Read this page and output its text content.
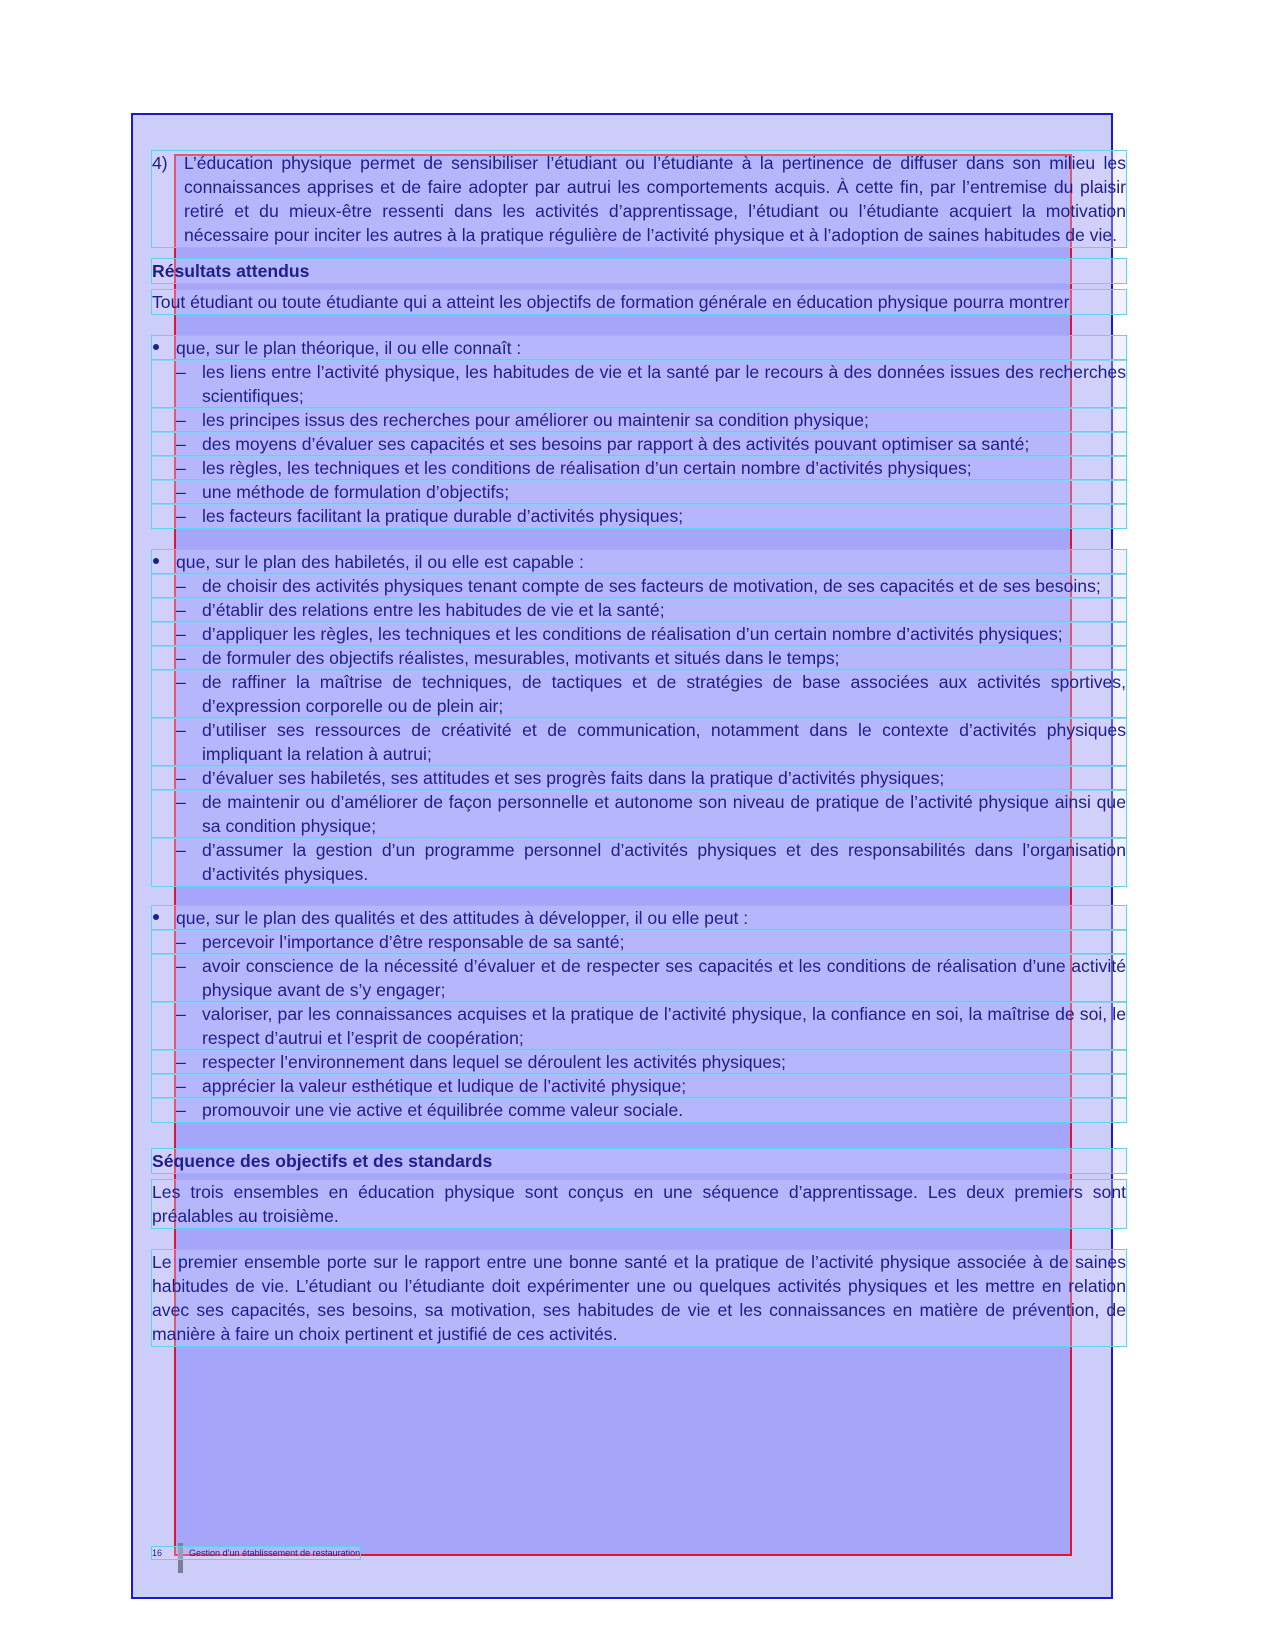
4) L’éducation physique permet de sensibiliser l’étudiant ou l’étudiante à la pertinence de diffuser dans son milieu les connaissances apprises et de faire adopter par autrui les comportements acquis. À cette fin, par l’entremise du plaisir retiré et du mieux-être ressenti dans les activités d’apprentissage, l’étudiant ou l’étudiante acquiert la motivation nécessaire pour inciter les autres à la pratique régulière de l’activité physique et à l’adoption de saines habitudes de vie.

Résultats attendus

Tout étudiant ou toute étudiante qui a atteint les objectifs de formation générale en éducation physique pourra montrer

que, sur le plan théorique, il ou elle connaît :

– les liens entre l’activité physique, les habitudes de vie et la santé par le recours à des données issues des recherches scientifiques;
– les principes issus des recherches pour améliorer ou maintenir sa condition physique;
– des moyens d’évaluer ses capacités et ses besoins par rapport à des activités pouvant optimiser sa santé;
– les règles, les techniques et les conditions de réalisation d’un certain nombre d’activités physiques;
– une méthode de formulation d’objectifs;
– les facteurs facilitant la pratique durable d’activités physiques;

que, sur le plan des habiletés, il ou elle est capable :

– de choisir des activités physiques tenant compte de ses facteurs de motivation, de ses capacités et de ses besoins;
– d’établir des relations entre les habitudes de vie et la santé;
– d’appliquer les règles, les techniques et les conditions de réalisation d’un certain nombre d’activités physiques;
– de formuler des objectifs réalistes, mesurables, motivants et situés dans le temps;
– de raffiner la maîtrise de techniques, de tactiques et de stratégies de base associées aux activités sportives, d’expression corporelle ou de plein air;
– d’utiliser ses ressources de créativité et de communication, notamment dans le contexte d’activités physiques impliquant la relation à autrui;
– d’évaluer ses habiletés, ses attitudes et ses progrès faits dans la pratique d’activités physiques;
– de maintenir ou d’améliorer de façon personnelle et autonome son niveau de pratique de l’activité physique ainsi que sa condition physique;
– d’assumer la gestion d’un programme personnel d’activités physiques et des responsabilités dans l’organisation d’activités physiques.

que, sur le plan des qualités et des attitudes à développer, il ou elle peut :

– percevoir l’importance d’être responsable de sa santé;
– avoir conscience de la nécessité d’évaluer et de respecter ses capacités et les conditions de réalisation d’une activité physique avant de s’y engager;
– valoriser, par les connaissances acquises et la pratique de l’activité physique, la confiance en soi, la maîtrise de soi, le respect d’autrui et l’esprit de coopération;
– respecter l’environnement dans lequel se déroulent les activités physiques;
– apprécier la valeur esthétique et ludique de l’activité physique;
– promouvoir une vie active et équilibrée comme valeur sociale.

Séquence des objectifs et des standards

Les trois ensembles en éducation physique sont conçus en une séquence d’apprentissage. Les deux premiers sont préalables au troisième.

Le premier ensemble porte sur le rapport entre une bonne santé et la pratique de l’activité physique associée à de saines habitudes de vie. L’étudiant ou l’étudiante doit expérimenter une ou quelques activités physiques et les mettre en relation avec ses capacités, ses besoins, sa motivation, ses habitudes de vie et les connaissances en matière de prévention, de manière à faire un choix pertinent et justifié de ces activités.

16	Gestion d’un établissement de restauration
